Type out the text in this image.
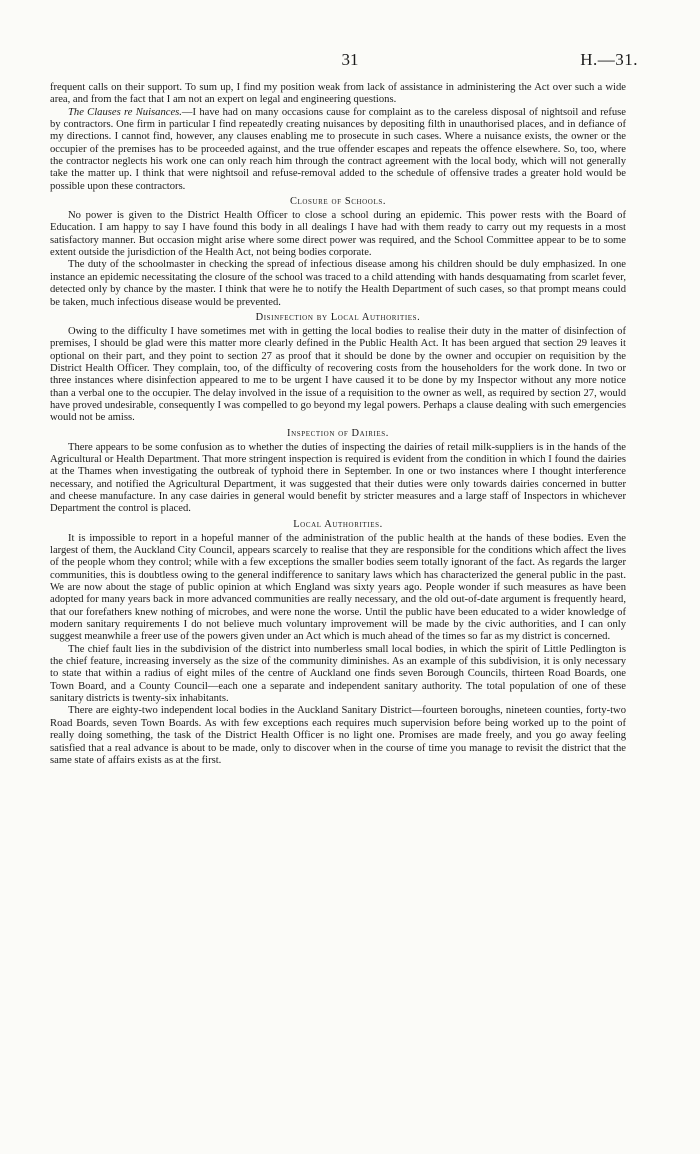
31	H.—31.

frequent calls on their support. To sum up, I find my position weak from lack of assistance in administering the Act over such a wide area, and from the fact that I am not an expert on legal and engineering questions.

The Clauses re Nuisances.—I have had on many occasions cause for complaint as to the careless disposal of nightsoil and refuse by contractors. One firm in particular I find repeatedly creating nuisances by depositing filth in unauthorised places, and in defiance of my directions. I cannot find, however, any clauses enabling me to prosecute in such cases. Where a nuisance exists, the owner or the occupier of the premises has to be proceeded against, and the true offender escapes and repeats the offence elsewhere. So, too, where the contractor neglects his work one can only reach him through the contract agreement with the local body, which will not generally take the matter up. I think that were nightsoil and refuse-removal added to the schedule of offensive trades a greater hold would be possible upon these contractors.

Closure of Schools.

No power is given to the District Health Officer to close a school during an epidemic. This power rests with the Board of Education. I am happy to say I have found this body in all dealings I have had with them ready to carry out my requests in a most satisfactory manner. But occasion might arise where some direct power was required, and the School Committee appear to be to some extent outside the jurisdiction of the Health Act, not being bodies corporate.

The duty of the schoolmaster in checking the spread of infectious disease among his children should be duly emphasized. In one instance an epidemic necessitating the closure of the school was traced to a child attending with hands desquamating from scarlet fever, detected only by chance by the master. I think that were he to notify the Health Department of such cases, so that prompt means could be taken, much infectious disease would be prevented.

Disinfection by Local Authorities.

Owing to the difficulty I have sometimes met with in getting the local bodies to realise their duty in the matter of disinfection of premises, I should be glad were this matter more clearly defined in the Public Health Act. It has been argued that section 29 leaves it optional on their part, and they point to section 27 as proof that it should be done by the owner and occupier on requisition by the District Health Officer. They complain, too, of the difficulty of recovering costs from the householders for the work done. In two or three instances where disinfection appeared to me to be urgent I have caused it to be done by my Inspector without any more notice than a verbal one to the occupier. The delay involved in the issue of a requisition to the owner as well, as required by section 27, would have proved undesirable, consequently I was compelled to go beyond my legal powers. Perhaps a clause dealing with such emergencies would not be amiss.

Inspection of Dairies.

There appears to be some confusion as to whether the duties of inspecting the dairies of retail milk-suppliers is in the hands of the Agricultural or Health Department. That more stringent inspection is required is evident from the condition in which I found the dairies at the Thames when investigating the outbreak of typhoid there in September. In one or two instances where I thought interference necessary, and notified the Agricultural Department, it was suggested that their duties were only towards dairies concerned in butter and cheese manufacture. In any case dairies in general would benefit by stricter measures and a large staff of Inspectors in whichever Department the control is placed.

Local Authorities.

It is impossible to report in a hopeful manner of the administration of the public health at the hands of these bodies. Even the largest of them, the Auckland City Council, appears scarcely to realise that they are responsible for the conditions which affect the lives of the people whom they control; while with a few exceptions the smaller bodies seem totally ignorant of the fact. As regards the larger communities, this is doubtless owing to the general indifference to sanitary laws which has characterized the general public in the past. We are now about the stage of public opinion at which England was sixty years ago. People wonder if such measures as have been adopted for many years back in more advanced communities are really necessary, and the old out-of-date argument is frequently heard, that our forefathers knew nothing of microbes, and were none the worse. Until the public have been educated to a wider knowledge of modern sanitary requirements I do not believe much voluntary improvement will be made by the civic authorities, and I can only suggest meanwhile a freer use of the powers given under an Act which is much ahead of the times so far as my district is concerned.

The chief fault lies in the subdivision of the district into numberless small local bodies, in which the spirit of Little Pedlington is the chief feature, increasing inversely as the size of the community diminishes. As an example of this subdivision, it is only necessary to state that within a radius of eight miles of the centre of Auckland one finds seven Borough Councils, thirteen Road Boards, one Town Board, and a County Council—each one a separate and independent sanitary authority. The total population of one of these sanitary districts is twenty-six inhabitants.

There are eighty-two independent local bodies in the Auckland Sanitary District—fourteen boroughs, nineteen counties, forty-two Road Boards, seven Town Boards. As with few exceptions each requires much supervision before being worked up to the point of really doing something, the task of the District Health Officer is no light one. Promises are made freely, and you go away feeling satisfied that a real advance is about to be made, only to discover when in the course of time you manage to revisit the district that the same state of affairs exists as at the first.
